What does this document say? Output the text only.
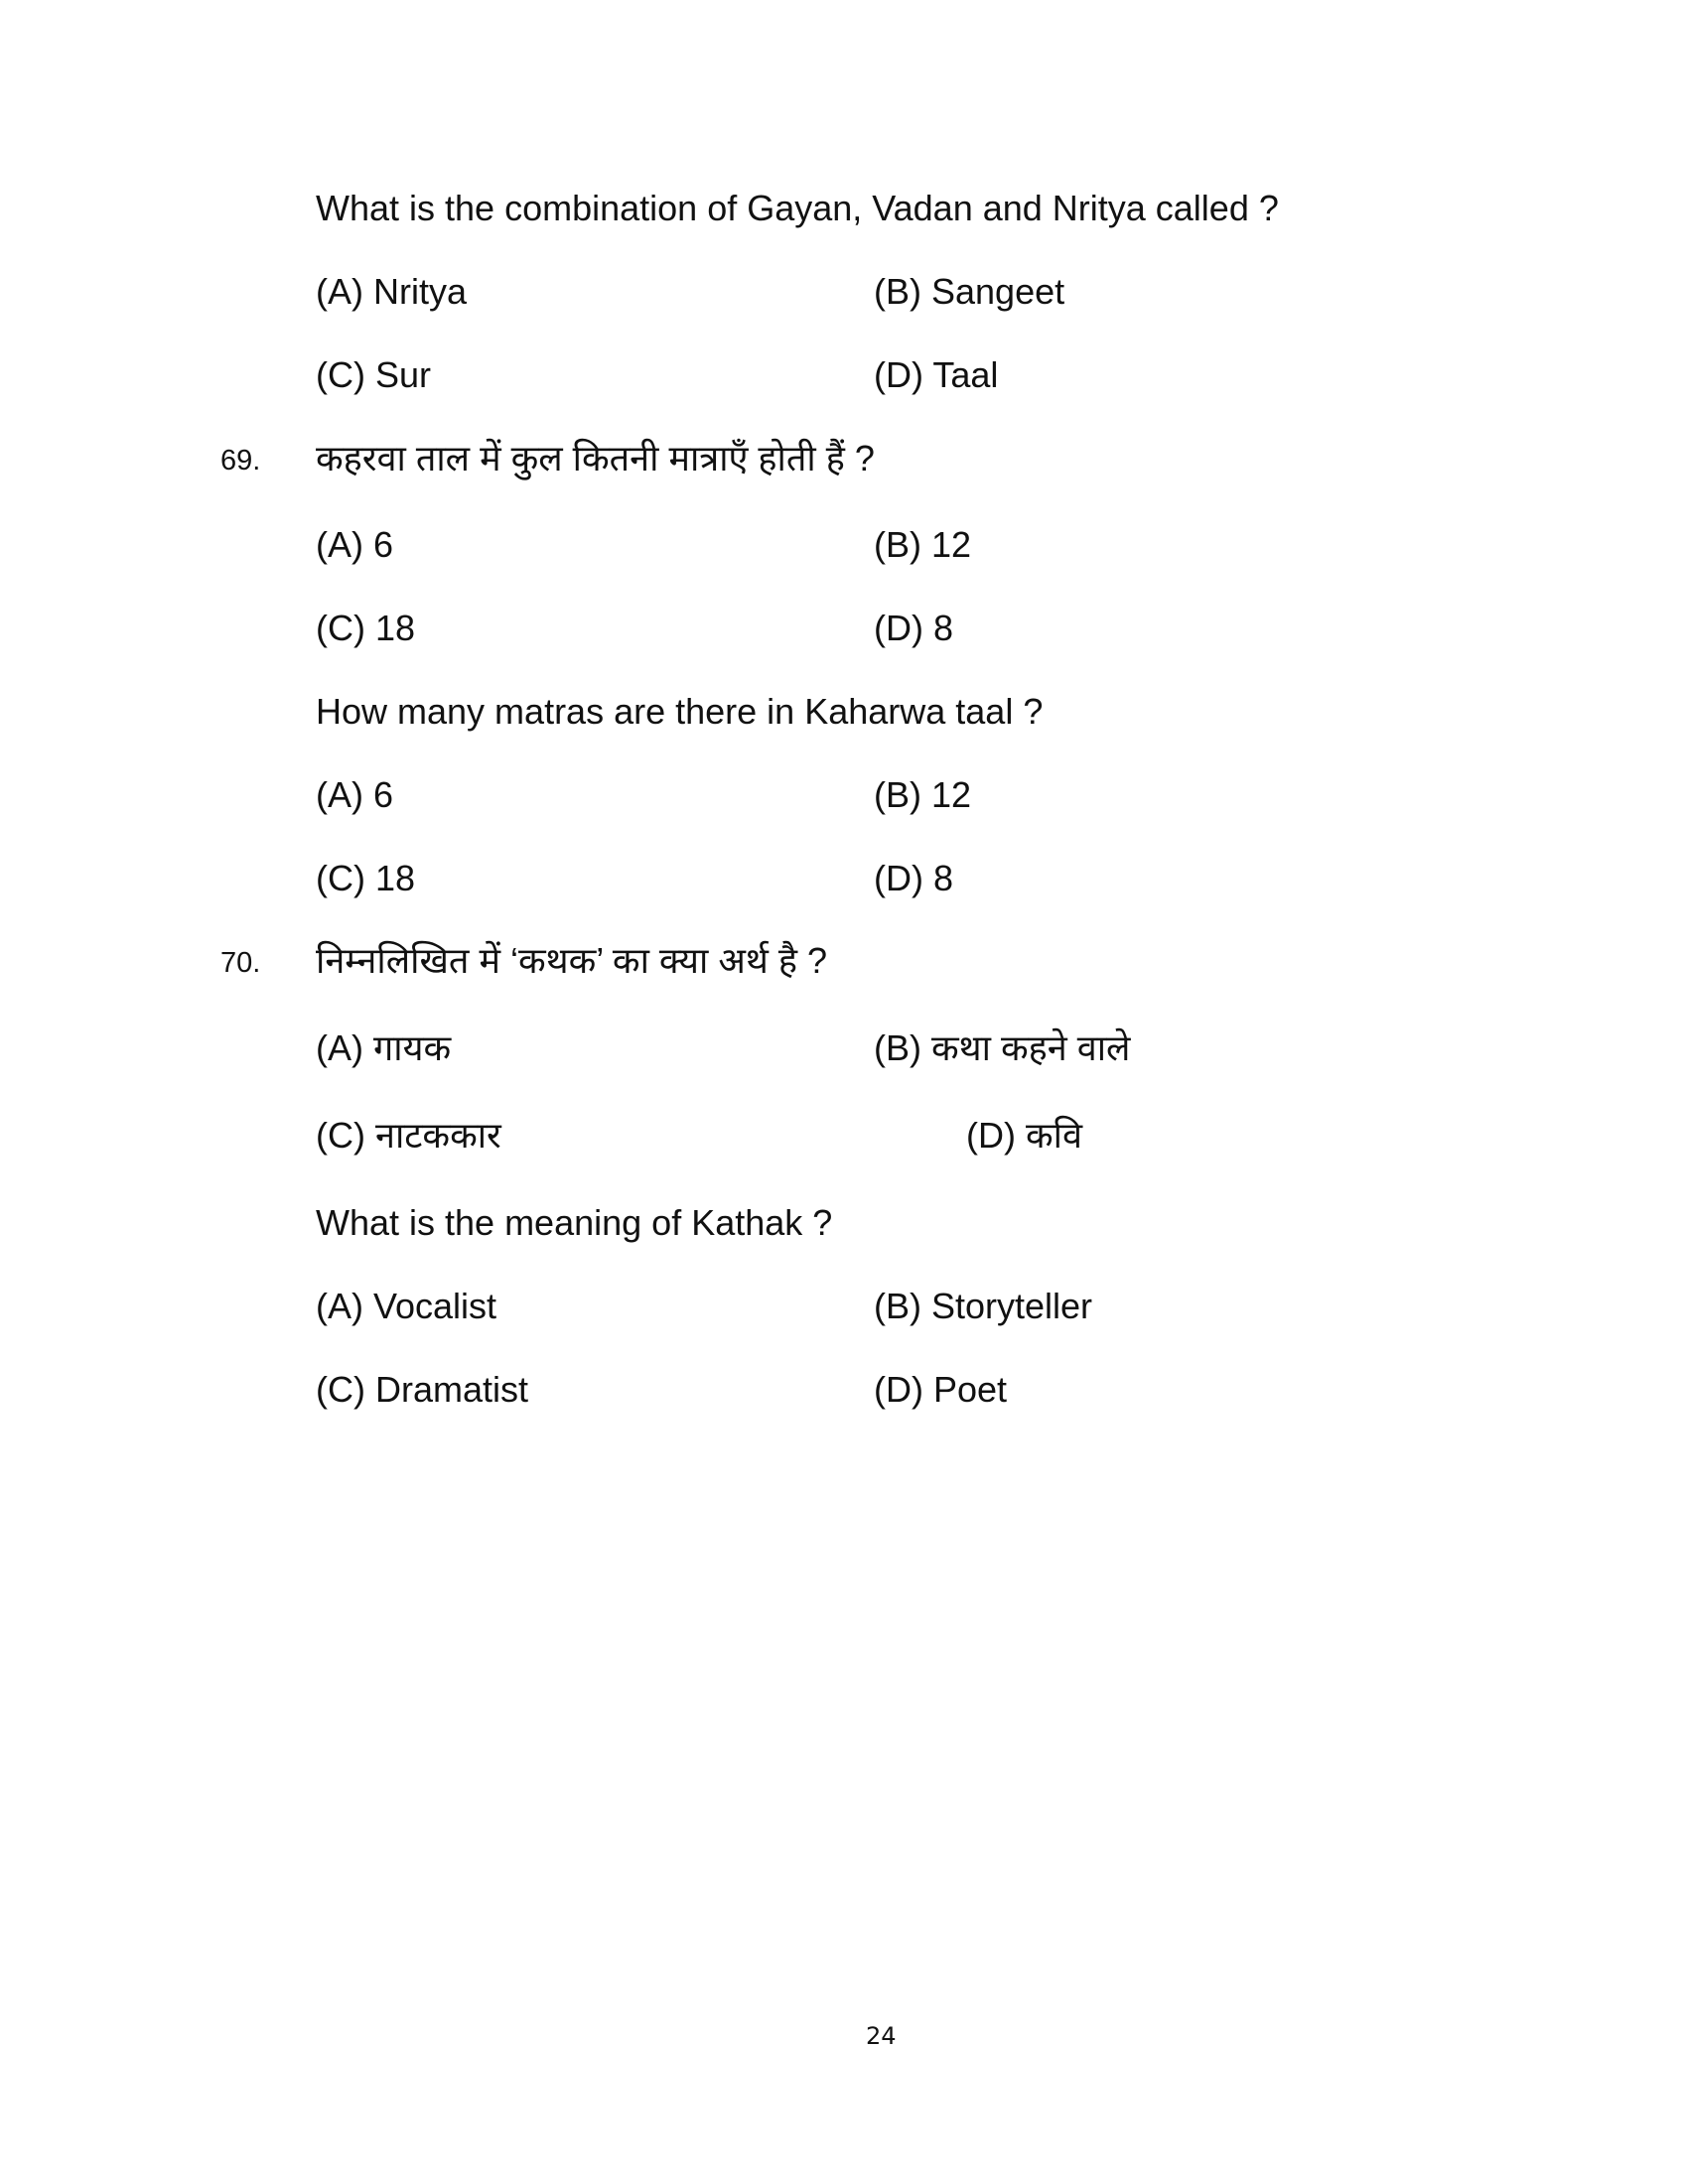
What is the combination of Gayan, Vadan and Nritya called ?
(A) Nritya	(B) Sangeet
(C) Sur	(D) Taal
69. कहरवा ताल में कुल कितनी मात्राएँ होती हैं ?
(A) 6	(B) 12
(C) 18	(D) 8
How many matras are there in Kaharwa taal ?
(A) 6	(B) 12
(C) 18	(D) 8
70. निम्नलिखित में ‘कथक’ का क्या अर्थ है ?
(A) गायक	(B) कथा कहने वाले
(C) नाटककार	(D) कवि
What is the meaning of Kathak ?
(A) Vocalist	(B) Storyteller
(C) Dramatist	(D) Poet
24
